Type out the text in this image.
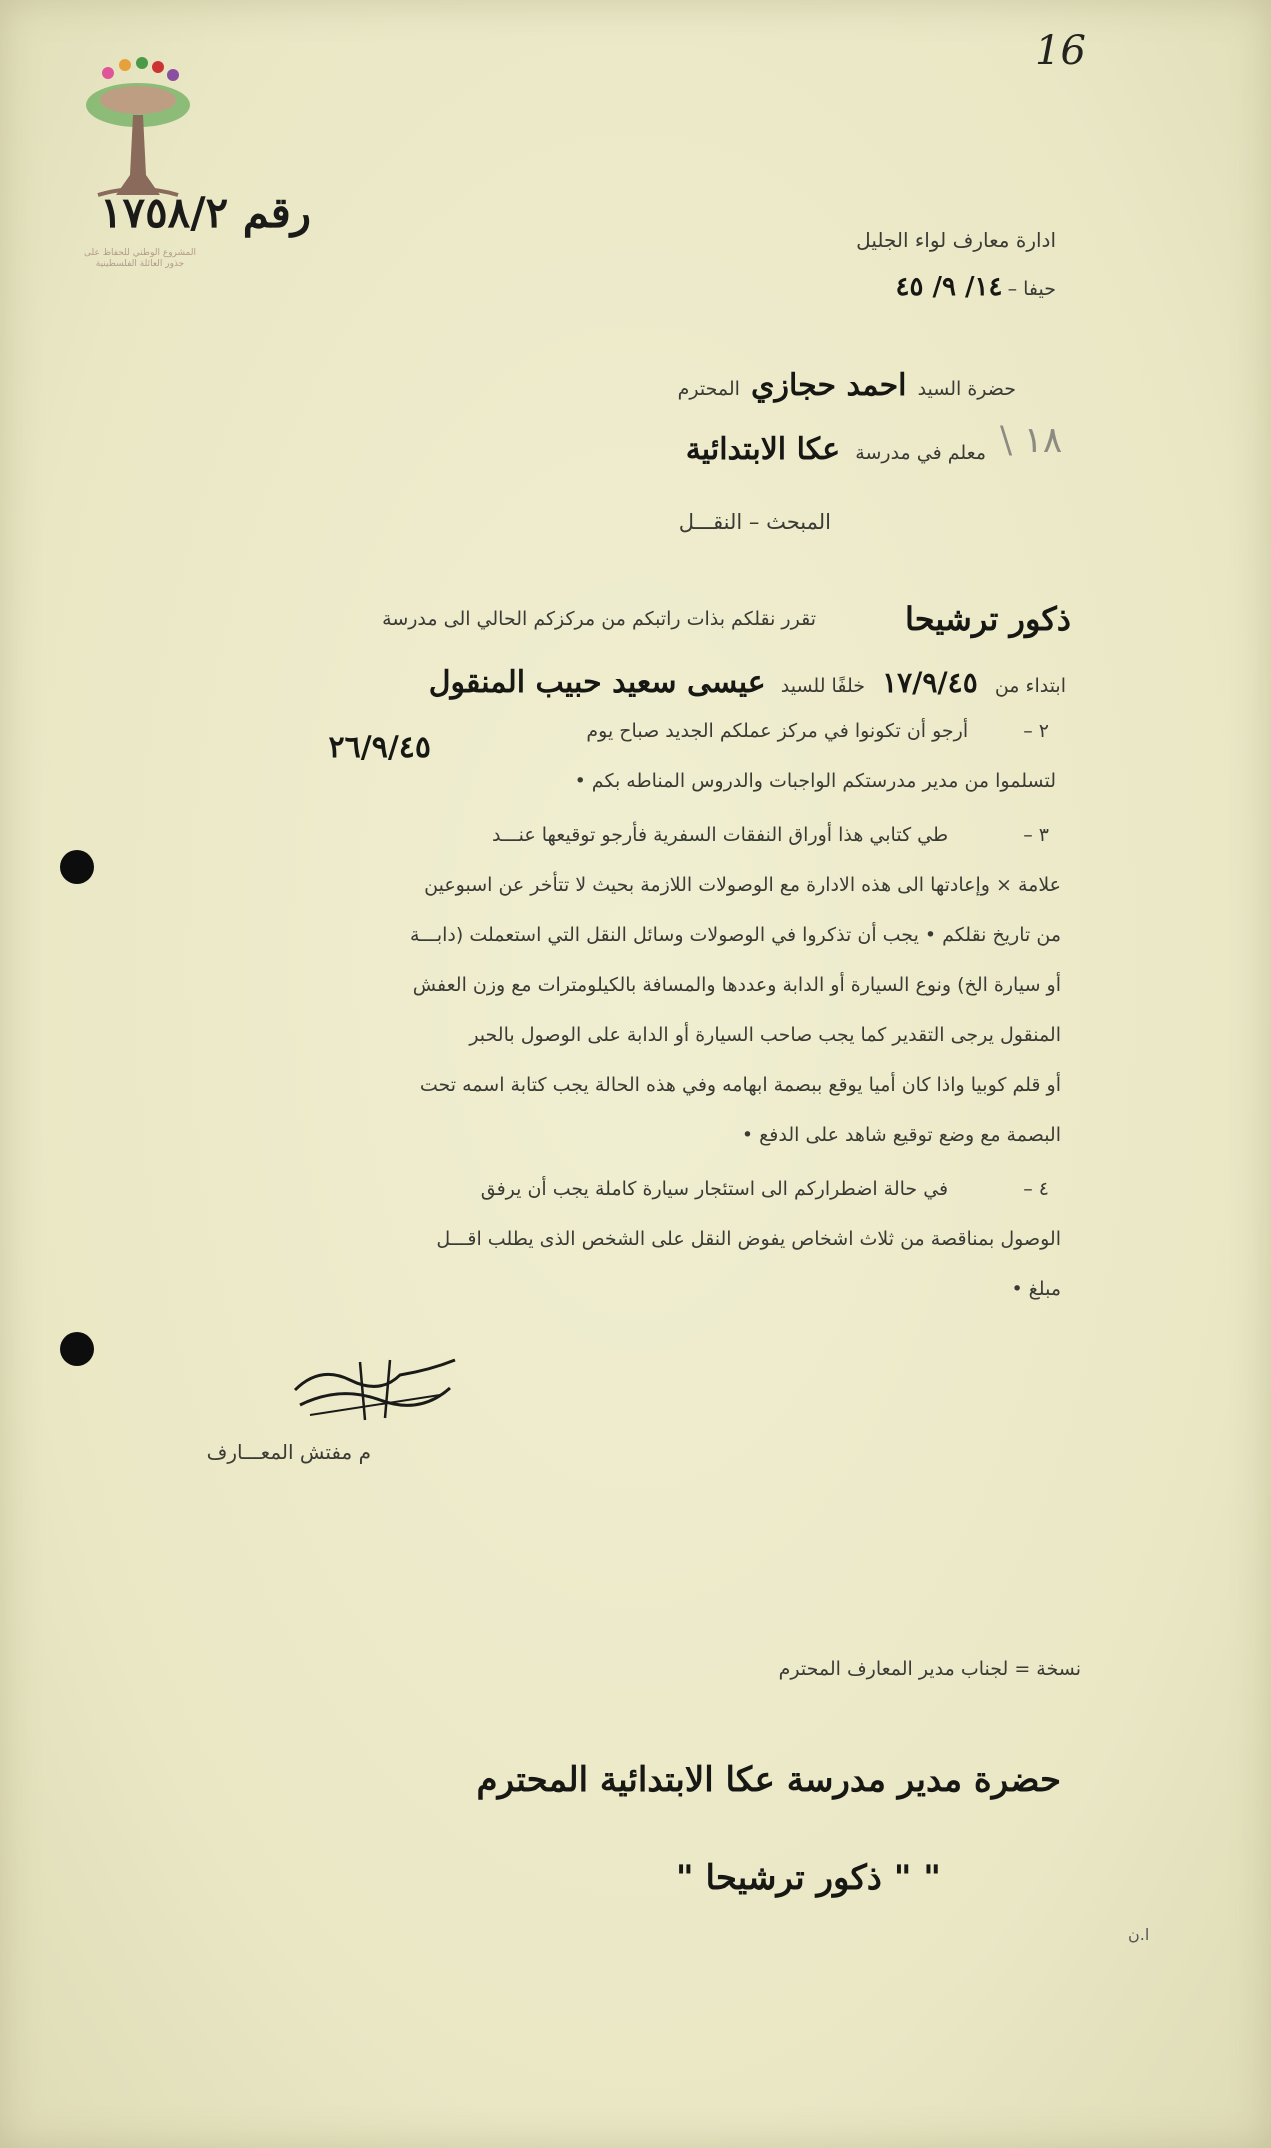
المشروع الوطني للحفاظ على
جذور العائلة الفلسطينية
16
رقم ١٧٥٨/٢
ادارة معارف لواء الجليل
حيفا – ١٤/ ٩/ ٤٥
حضرة السيد احمد حجازي المحترم
معلم في مدرسة عكا الابتدائية	\ ١٨
المبحث – النقـــل
تقرر نقلكم بذات راتبكم من مركزكم الحالي الى مدرسة	ذكور ترشيحا
ابتداء من ١٧/٩/٤٥ خلفًا للسيد عيسى سعيد حبيب المنقول
٢ – أرجو أن تكونوا في مركز عملكم الجديد صباح يوم
٢٦/٩/٤٥
لتسلموا من مدير مدرستكم الواجبات والدروس المناطه بكم •
٣ – طي كتابي هذا أوراق النفقات السفرية فأرجو توقيعها عنـــد
علامة × وإعادتها الى هذه الادارة مع الوصولات اللازمة بحيث لا تتأخر عن اسبوعين
من تاريخ نقلكم • يجب أن تذكروا في الوصولات وسائل النقل التي استعملت (دابـــة
أو سيارة الخ) ونوع السيارة أو الدابة وعددها والمسافة بالكيلومترات مع وزن العفش
المنقول يرجى التقدير كما يجب صاحب السيارة أو الدابة على الوصول بالحبر
أو قلم كوبيا واذا كان أميا يوقع ببصمة ابهامه وفي هذه الحالة يجب كتابة اسمه تحت
البصمة مع وضع توقيع شاهد على الدفع •
٤ – في حالة اضطراركم الى استئجار سيارة كاملة يجب أن يرفق
الوصول بمناقصة من ثلاث اشخاص يفوض النقل على الشخص الذى يطلب اقـــل
مبلغ •
م مفتش المعـــارف
نسخة = لجناب مدير المعارف المحترم
حضرة مدير مدرسة عكا الابتدائية المحترم
" " ذكور ترشيحا "
ا.ن
